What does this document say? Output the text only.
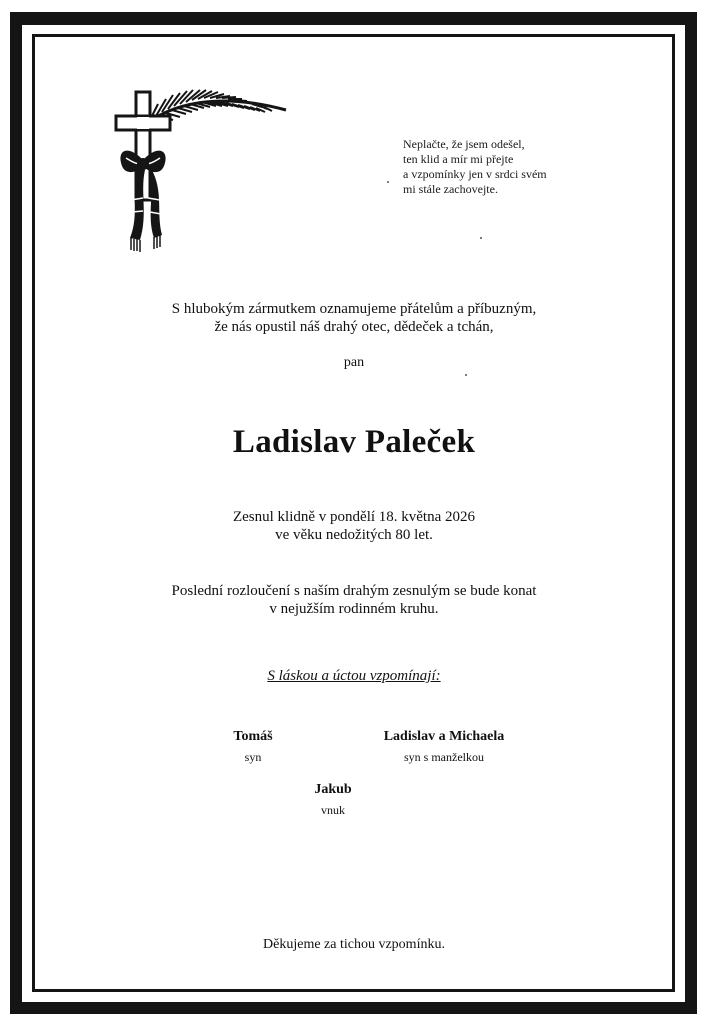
Neplačte, že jsem odešel,
ten klid a mír mi přejte
a vzpomínky jen v srdci svém
mi stále zachovejte.
S hlubokým zármutkem oznamujeme přátelům a příbuzným,
že nás opustil náš drahý otec, dědeček a tchán,
pan
Ladislav Paleček
Zesnul klidně v pondělí 18. května 2026
ve věku nedožitých 80 let.
Poslední rozloučení s naším drahým zesnulým se bude konat
v nejužším rodinném kruhu.
S láskou a úctou vzpomínají:
Tomáš
syn
Ladislav a Michaela
syn s manželkou
Jakub
vnuk
Děkujeme za tichou vzpomínku.
